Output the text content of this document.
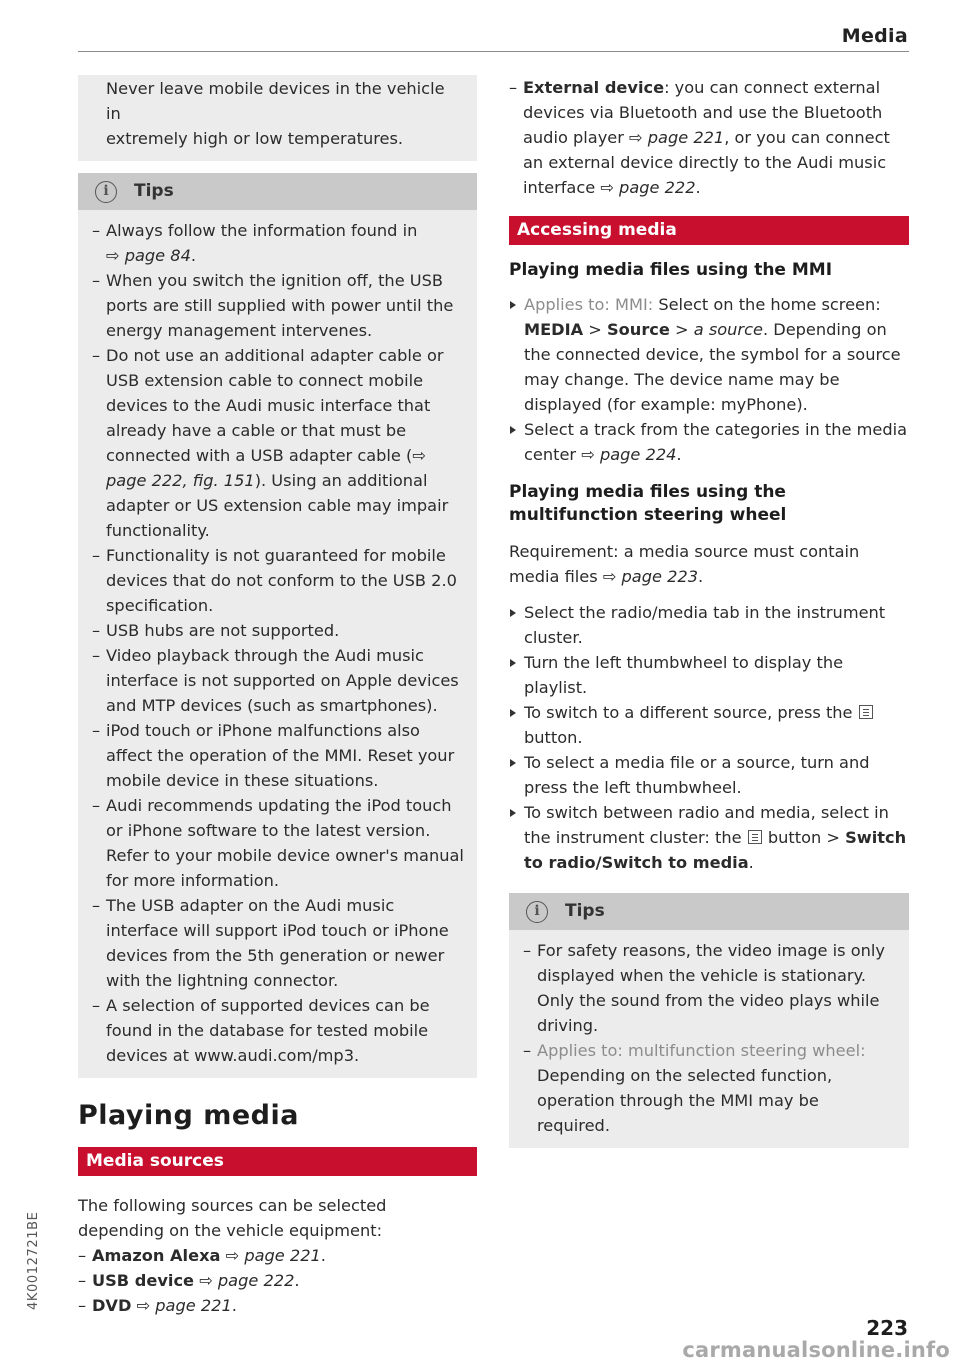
Media
Never leave mobile devices in the vehicle in
extremely high or low temperatures.
i	Tips
– Always follow the information found in
⇨ page 84.
– When you switch the ignition off, the USB ports are still supplied with power until the energy management intervenes.
– Do not use an additional adapter cable or USB extension cable to connect mobile devices to the Audi music interface that already have a cable or that must be connected with a USB adapter cable (⇨ page 222, fig. 151). Using an additional adapter or US extension cable may impair functionality.
– Functionality is not guaranteed for mobile devices that do not conform to the USB 2.0 specification.
– USB hubs are not supported.
– Video playback through the Audi music interface is not supported on Apple devices and MTP devices (such as smartphones).
– iPod touch or iPhone malfunctions also affect the operation of the MMI. Reset your mobile device in these situations.
– Audi recommends updating the iPod touch or iPhone software to the latest version. Refer to your mobile device owner's manual for more information.
– The USB adapter on the Audi music interface will support iPod touch or iPhone devices from the 5th generation or newer with the lightning connector.
– A selection of supported devices can be found in the database for tested mobile devices at www.audi.com/mp3.
Playing media
Media sources
The following sources can be selected depending on the vehicle equipment:
– Amazon Alexa ⇨ page 221.
– USB device ⇨ page 222.
– DVD ⇨ page 221.
– External device: you can connect external devices via Bluetooth and use the Bluetooth audio player ⇨ page 221, or you can connect an external device directly to the Audi music interface ⇨ page 222.
Accessing media
Playing media files using the MMI
Applies to: MMI: Select on the home screen: MEDIA > Source > a source. Depending on the connected device, the symbol for a source may change. The device name may be displayed (for example: myPhone).
Select a track from the categories in the media center ⇨ page 224.
Playing media files using the multifunction steering wheel
Requirement: a media source must contain media files ⇨ page 223.
Select the radio/media tab in the instrument cluster.
Turn the left thumbwheel to display the playlist.
To switch to a different source, press the  button.
To select a media file or a source, turn and press the left thumbwheel.
To switch between radio and media, select in the instrument cluster: the  button > Switch to radio/Switch to media.
i	Tips
– For safety reasons, the video image is only displayed when the vehicle is stationary. Only the sound from the video plays while driving.
– Applies to: multifunction steering wheel:
Depending on the selected function, operation through the MMI may be required.
4K0012721BE
223
carmanualsonline.info
